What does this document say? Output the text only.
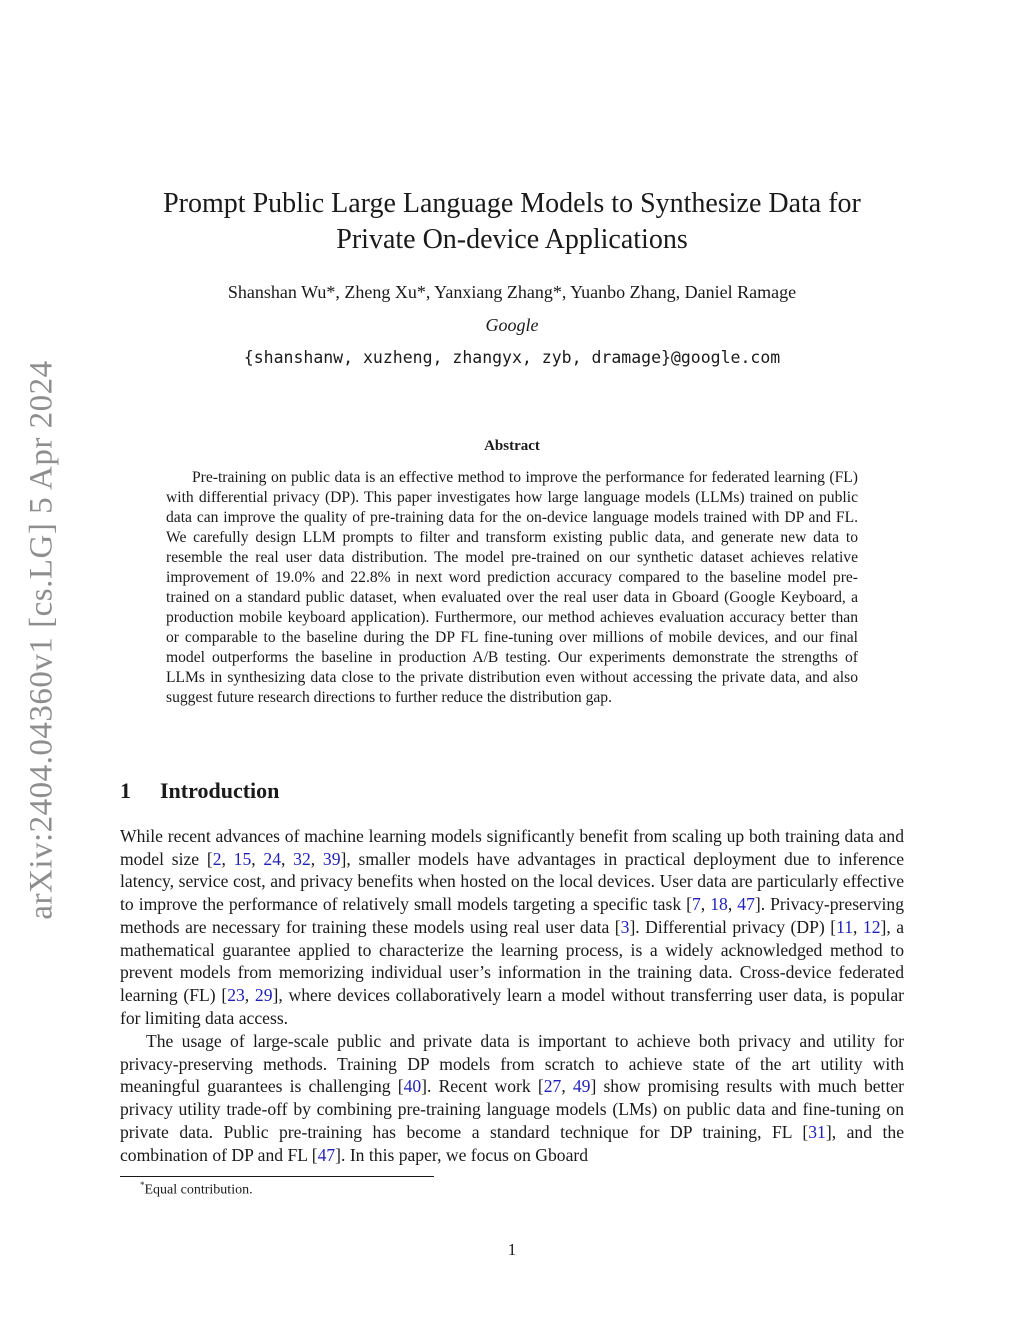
arXiv:2404.04360v1 [cs.LG] 5 Apr 2024
Prompt Public Large Language Models to Synthesize Data for
Private On-device Applications
Shanshan Wu*, Zheng Xu*, Yanxiang Zhang*, Yuanbo Zhang, Daniel Ramage
Google
{shanshanw, xuzheng, zhangyx, zyb, dramage}@google.com
Abstract

Pre-training on public data is an effective method to improve the performance for federated learning (FL) with differential privacy (DP). This paper investigates how large language models (LLMs) trained on public data can improve the quality of pre-training data for the on-device language models trained with DP and FL. We carefully design LLM prompts to filter and transform existing public data, and generate new data to resemble the real user data distribution. The model pre-trained on our synthetic dataset achieves relative improvement of 19.0% and 22.8% in next word prediction accuracy compared to the baseline model pre-trained on a standard public dataset, when evaluated over the real user data in Gboard (Google Keyboard, a production mobile keyboard application). Furthermore, our method achieves evaluation accuracy better than or comparable to the baseline during the DP FL fine-tuning over millions of mobile devices, and our final model outperforms the baseline in production A/B testing. Our experiments demonstrate the strengths of LLMs in synthesizing data close to the private distribution even without accessing the private data, and also suggest future research directions to further reduce the distribution gap.

1 Introduction

While recent advances of machine learning models significantly benefit from scaling up both training data and model size [2, 15, 24, 32, 39], smaller models have advantages in practical deployment due to inference latency, service cost, and privacy benefits when hosted on the local devices. User data are particularly effective to improve the performance of relatively small models targeting a specific task [7, 18, 47]. Privacy-preserving methods are necessary for training these models using real user data [3]. Differential privacy (DP) [11, 12], a mathematical guarantee applied to characterize the learning process, is a widely acknowledged method to prevent models from memorizing individual user’s information in the training data. Cross-device federated learning (FL) [23, 29], where devices collaboratively learn a model without transferring user data, is popular for limiting data access.

The usage of large-scale public and private data is important to achieve both privacy and utility for privacy-preserving methods. Training DP models from scratch to achieve state of the art utility with meaningful guarantees is challenging [40]. Recent work [27, 49] show promising results with much better privacy utility trade-off by combining pre-training language models (LMs) on public data and fine-tuning on private data. Public pre-training has become a standard technique for DP training, FL [31], and the combination of DP and FL [47]. In this paper, we focus on Gboard

*Equal contribution.
1
